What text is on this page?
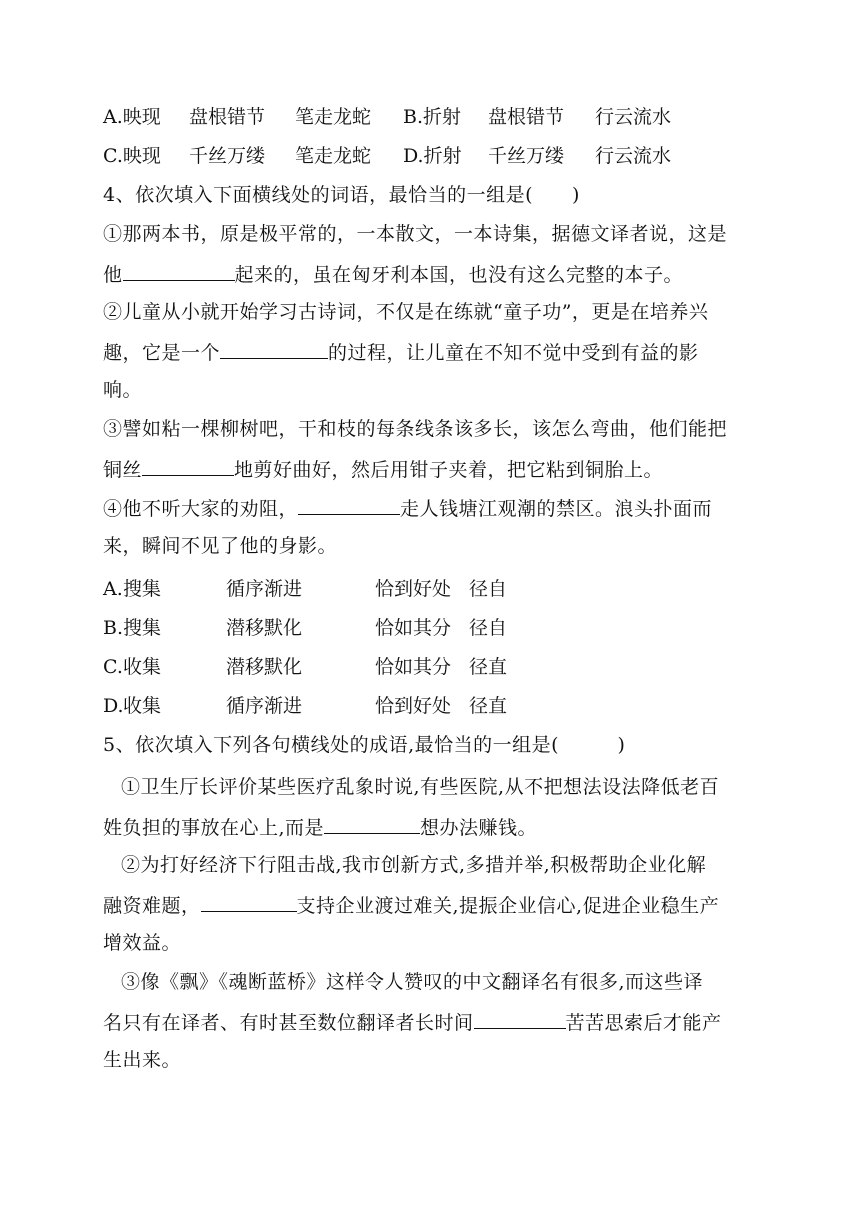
A.映现 盘根错节 笔走龙蛇 B.折射 盘根错节 行云流水
C.映现 千丝万缕 笔走龙蛇 D.折射 千丝万缕 行云流水
4、依次填入下面横线处的词语，最恰当的一组是(　　)
①那两本书，原是极平常的，一本散文，一本诗集，据德文译者说，这是
他	起来的，虽在匈牙利本国，也没有这么完整的本子。
②儿童从小就开始学习古诗词，不仅是在练就“童子功”，更是在培养兴
趣，它是一个	的过程，让儿童在不知不觉中受到有益的影
响。
③譬如粘一棵柳树吧，干和枝的每条线条该多长，该怎么弯曲，他们能把
铜丝	地剪好曲好，然后用钳子夹着，把它粘到铜胎上。
④他不听大家的劝阻，	走人钱塘江观潮的禁区。浪头扑面而
来，瞬间不见了他的身影。
A. 搜集	循序渐进	恰到好处 径自
B. 搜集	潜移默化	恰如其分 径自
C. 收集	潜移默化	恰如其分 径直
D. 收集	循序渐进	恰到好处 径直
5、依次填入下列各句横线处的成语,最恰当的一组是(　　　)
①卫生厅长评价某些医疗乱象时说,有些医院,从不把想法设法降低老百
姓负担的事放在心上,而是	想办法赚钱。
②为打好经济下行阻击战,我市创新方式,多措并举,积极帮助企业化解
融资难题，	支持企业渡过难关,提振企业信心,促进企业稳生产
增效益。
③像《飘》《魂断蓝桥》这样令人赞叹的中文翻译名有很多,而这些译
名只有在译者、有时甚至数位翻译者长时间	苦苦思索后才能产
生出来。
